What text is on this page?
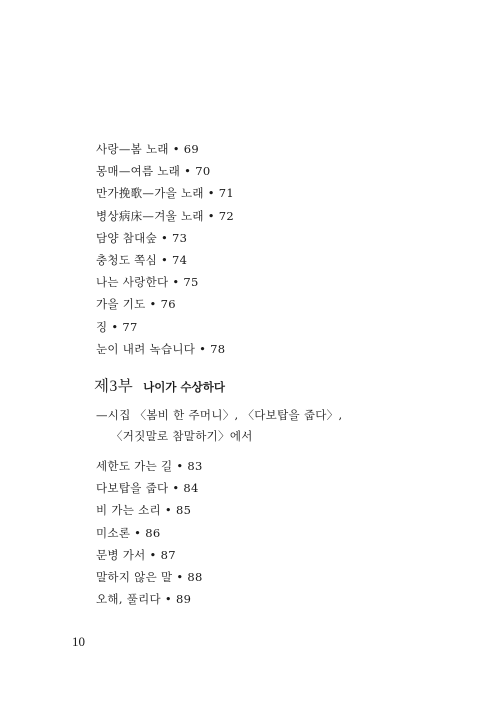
사랑—봄 노래 • 69
몽매—여름 노래 • 70
만가挽歌—가을 노래 • 71
병상病床—겨울 노래 • 72
담양 참대숲 • 73
충청도 쪽심 • 74
나는 사랑한다 • 75
가을 기도 • 76
징 • 77
눈이 내려 녹습니다 • 78
제3부 나이가 수상하다
—시집 〈봄비 한 주머니〉, 〈다보탑을 줍다〉,
〈거짓말로 참말하기〉에서
세한도 가는 길 • 83
다보탑을 줍다 • 84
비 가는 소리 • 85
미소론 • 86
문병 가서 • 87
말하지 않은 말 • 88
오해, 풀리다 • 89
10
